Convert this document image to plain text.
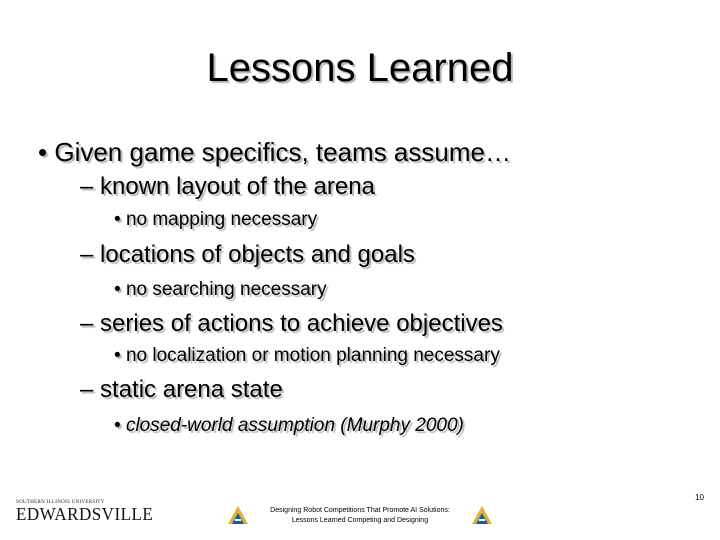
Lessons Learned
• Given game specifics, teams assume…
– known layout of the arena
• no mapping necessary
– locations of objects and goals
• no searching necessary
– series of actions to achieve objectives
• no localization or motion planning necessary
– static arena state
• closed-world assumption (Murphy 2000)
SOUTHERN ILLINOIS UNIVERSITY
EDWARDSVILLE	Designing Robot Competitions That Promote AI Solutions:
Lessons Learned Competing and Designing
10
